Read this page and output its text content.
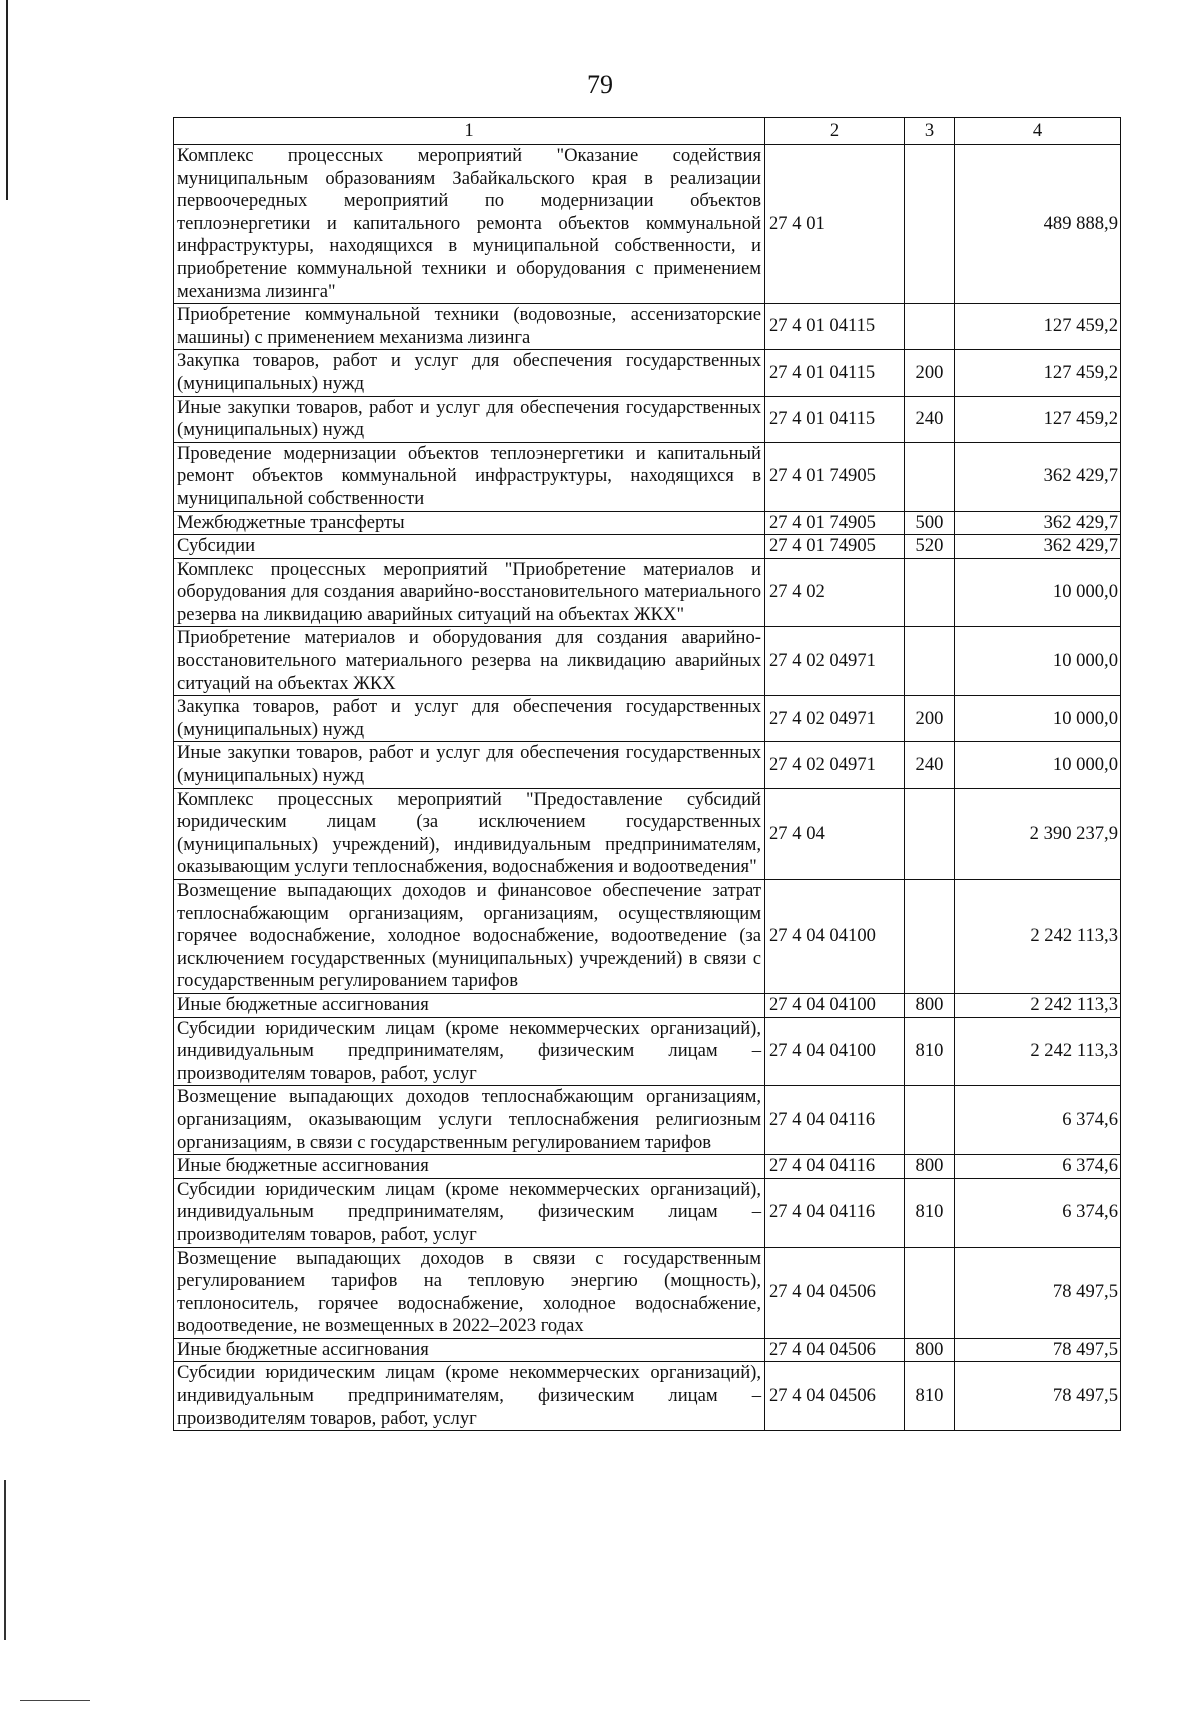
79
1	2	3	4
Комплекс процессных мероприятий "Оказание содействия муниципальным образованиям Забайкальского края в реализации первоочередных мероприятий по модернизации объектов теплоэнергетики и капитального ремонта объектов коммунальной инфраструктуры, находящихся в муниципальной собственности, и приобретение коммунальной техники и оборудования с применением механизма лизинга"	27 4 01		489 888,9
Приобретение коммунальной техники (водовозные, ассенизаторские машины) с применением механизма лизинга	27 4 01 04115		127 459,2
Закупка товаров, работ и услуг для обеспечения государственных (муниципальных) нужд	27 4 01 04115	200	127 459,2
Иные закупки товаров, работ и услуг для обеспечения государственных (муниципальных) нужд	27 4 01 04115	240	127 459,2
Проведение модернизации объектов теплоэнергетики и капитальный ремонт объектов коммунальной инфраструктуры, находящихся в муниципальной собственности	27 4 01 74905		362 429,7
Межбюджетные трансферты	27 4 01 74905	500	362 429,7
Субсидии	27 4 01 74905	520	362 429,7
Комплекс процессных мероприятий "Приобретение материалов и оборудования для создания аварийно-восстановительного материального резерва на ликвидацию аварийных ситуаций на объектах ЖКХ"	27 4 02		10 000,0
Приобретение материалов и оборудования для создания аварийно-восстановительного материального резерва на ликвидацию аварийных ситуаций на объектах ЖКХ	27 4 02 04971		10 000,0
Закупка товаров, работ и услуг для обеспечения государственных (муниципальных) нужд	27 4 02 04971	200	10 000,0
Иные закупки товаров, работ и услуг для обеспечения государственных (муниципальных) нужд	27 4 02 04971	240	10 000,0
Комплекс процессных мероприятий "Предоставление субсидий юридическим лицам (за исключением государственных (муниципальных) учреждений), индивидуальным предпринимателям, оказывающим услуги теплоснабжения, водоснабжения и водоотведения"	27 4 04		2 390 237,9
Возмещение выпадающих доходов и финансовое обеспечение затрат теплоснабжающим организациям, организациям, осуществляющим горячее водоснабжение, холодное водоснабжение, водоотведение (за исключением государственных (муниципальных) учреждений) в связи с государственным регулированием тарифов	27 4 04 04100		2 242 113,3
Иные бюджетные ассигнования	27 4 04 04100	800	2 242 113,3
Субсидии юридическим лицам (кроме некоммерческих организаций), индивидуальным предпринимателям, физическим лицам – производителям товаров, работ, услуг	27 4 04 04100	810	2 242 113,3
Возмещение выпадающих доходов теплоснабжающим организациям, организациям, оказывающим услуги теплоснабжения религиозным организациям, в связи с государственным регулированием тарифов	27 4 04 04116		6 374,6
Иные бюджетные ассигнования	27 4 04 04116	800	6 374,6
Субсидии юридическим лицам (кроме некоммерческих организаций), индивидуальным предпринимателям, физическим лицам – производителям товаров, работ, услуг	27 4 04 04116	810	6 374,6
Возмещение выпадающих доходов в связи с государственным регулированием тарифов на тепловую энергию (мощность), теплоноситель, горячее водоснабжение, холодное водоснабжение, водоотведение, не возмещенных в 2022–2023 годах	27 4 04 04506		78 497,5
Иные бюджетные ассигнования	27 4 04 04506	800	78 497,5
Субсидии юридическим лицам (кроме некоммерческих организаций), индивидуальным предпринимателям, физическим лицам – производителям товаров, работ, услуг	27 4 04 04506	810	78 497,5
